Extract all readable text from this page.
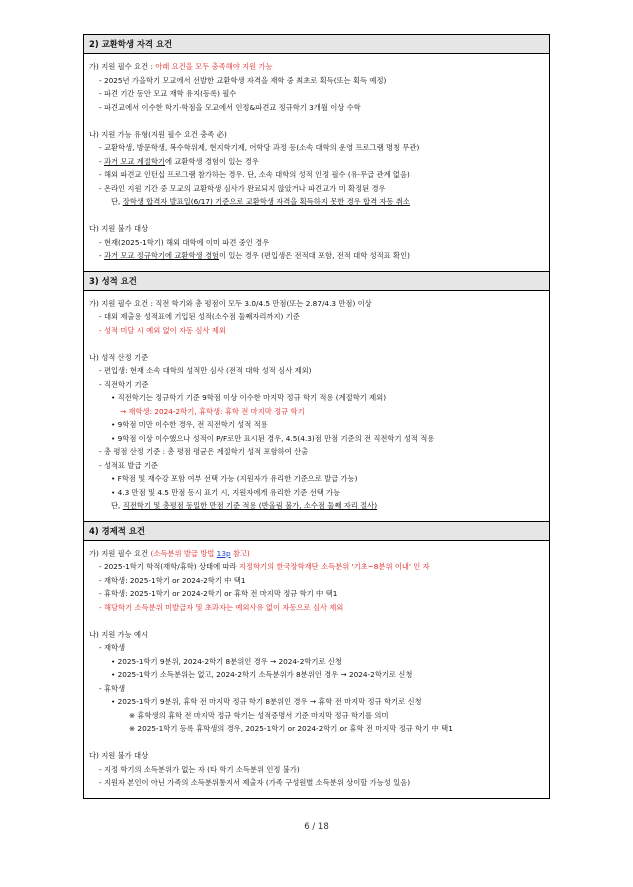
2) 교환학생 자격 요건

가) 지원 필수 요건 : 아래 요건을 모두 충족해야 지원 가능
- 2025년 가을학기 모교에서 선발한 교환학생 자격을 재학 중 최초로 획득(또는 획득 예정)
- 파견 기간 동안 모교 재학 유지(등록) 필수
- 파견교에서 이수한 학기·학점을 모교에서 인정&파견교 정규학기 3개월 이상 수학
나) 지원 가능 유형(지원 필수 요건 충족 必)
- 교환학생, 방문학생, 복수학위제, 현지학기제, 어학당 과정 등(소속 대학의 운영 프로그램 명칭 무관)
- 과거 모교 계절학기에 교환학생 경험이 있는 경우
- 해외 파견교 인턴십 프로그램 참가하는 경우. 단, 소속 대학의 성적 인정 필수 (유·무급 관계 없음)
- 온라인 지원 기간 중 모교의 교환학생 심사가 완료되지 않았거나 파견교가 미 확정된 경우
단, 장학생 합격자 발표일(6/17) 기준으로 교환학생 자격을 획득하지 못한 경우 합격 자동 취소
다) 지원 불가 대상
- 현재(2025-1학기) 해외 대학에 이미 파견 중인 경우
- 과거 모교 정규학기에 교환학생 경험이 있는 경우 (편입생은 전적대 포함, 전적 대학 성적표 확인)

3) 성적 요건

가) 지원 필수 요건 : 직전 학기와 총 평점이 모두 3.0/4.5 만점(또는 2.87/4.3 만점) 이상
- 대외 제출용 성적표에 기입된 성적(소수점 둘째자리까지) 기준
- 성적 미달 시 예외 없이 자동 심사 제외
나) 성적 산정 기준
- 편입생: 현재 소속 대학의 성적만 심사 (전적 대학 성적 심사 제외)
- 직전학기 기준
• 직전학기는 정규학기 기준 9학점 이상 이수한 마지막 정규 학기 적용 (계절학기 제외)
→ 재학생: 2024-2학기, 휴학생: 휴학 전 마지막 정규 학기
• 9학점 미만 이수한 경우, 전 직전학기 성적 적용
• 9학점 이상 이수했으나 성적이 P/F로만 표시된 경우, 4.5(4.3)점 만점 기준의 전 직전학기 성적 적용
- 총 평점 산정 기준 : 총 평점 평균은 계절학기 성적 포함하여 산출
- 성적표 발급 기준
• F학점 및 재수강 포함 여부 선택 가능 (지원자가 유리한 기준으로 발급 가능)
• 4.3 만점 및 4.5 만점 동시 표기 시, 지원자에게 유리한 기준 선택 가능
단, 직전학기 및 총평점 동일한 만점 기준 적용 (반올림 불가, 소수점 둘째 자리 절사)

4) 경제적 요건

가) 지원 필수 요건 (소득분위 발급 방법 13p 참고)
- 2025-1학기 학적(재학/휴학) 상태에 따라 지정학기의 한국장학재단 소득분위 '기초~8분위 이내' 인 자
- 재학생: 2025-1학기 or 2024-2학기 中 택1
- 휴학생: 2025-1학기 or 2024-2학기 or 휴학 전 마지막 정규 학기 中 택1
- 해당학기 소득분위 미발급자 및 초과자는 예외사유 없이 자동으로 심사 제외
나) 지원 가능 예시
- 재학생
• 2025-1학기 9분위, 2024-2학기 8분위인 경우 → 2024-2학기로 신청
• 2025-1학기 소득분위는 없고, 2024-2학기 소득분위가 8분위인 경우 → 2024-2학기로 신청
- 휴학생
• 2025-1학기 9분위, 휴학 전 마지막 정규 학기 8분위인 경우 → 휴학 전 마지막 정규 학기로 신청
※ 휴학생의 휴학 전 마지막 정규 학기는 성적증명서 기준 마지막 정규 학기를 의미
※ 2025-1학기 등록 휴학생의 경우, 2025-1학기 or 2024-2학기 or 휴학 전 마지막 정규 학기 中 택1
다) 지원 불가 대상
- 지정 학기의 소득분위가 없는 자 (타 학기 소득분위 인정 불가)
- 지원자 본인이 아닌 가족의 소득분위통지서 제출자 (가족 구성원별 소득분위 상이할 가능성 있음)
6 / 18
